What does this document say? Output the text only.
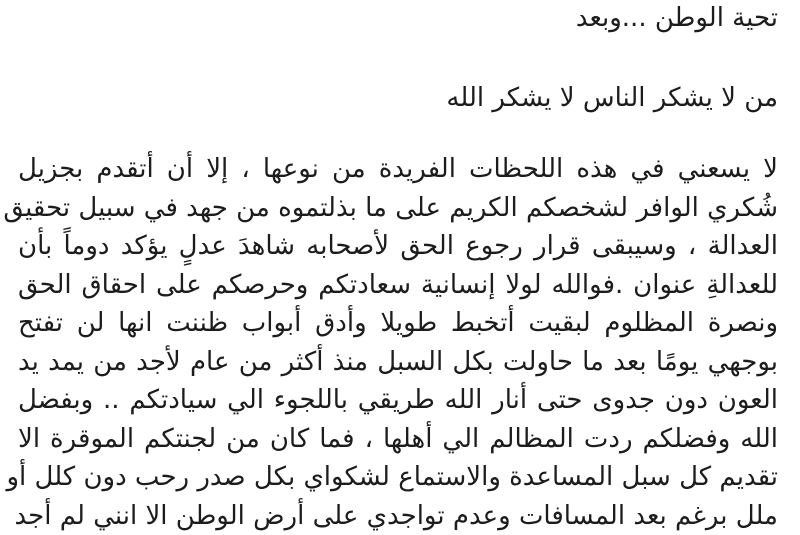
تحية الوطن ...وبعد
من لا يشكر الناس لا يشكر الله
لا يسعني في هذه اللحظات الفريدة من نوعها ، إلا أن أتقدم بجزيل
شُكري الوافر لشخصكم الكريم على ما بذلتموه من جهد في سبيل تحقيق
العدالة ، وسيبقى قرار رجوع الحق لأصحابه شاهدَ عدلٍ يؤكد دوماً بأن
للعدالةِ عنوان .فوالله لولا إنسانية سعادتكم وحرصكم على احقاق الحق
ونصرة المظلوم لبقيت أتخبط طويلا وأدق أبواب ظننت انها لن تفتح
بوجهي يومًا بعد ما حاولت بكل السبل منذ أكثر من عام لأجد من يمد يد
العون دون جدوى حتى أنار الله طريقي باللجوء الي سيادتكم .. وبفضل
الله وفضلكم ردت المظالم الي أهلها ، فما كان من لجنتكم الموقرة الا
تقديم كل سبل المساعدة والاستماع لشكواي بكل صدر رحب دون كلل أو
ملل برغم بعد المسافات وعدم تواجدي على أرض الوطن الا انني لم أجد
